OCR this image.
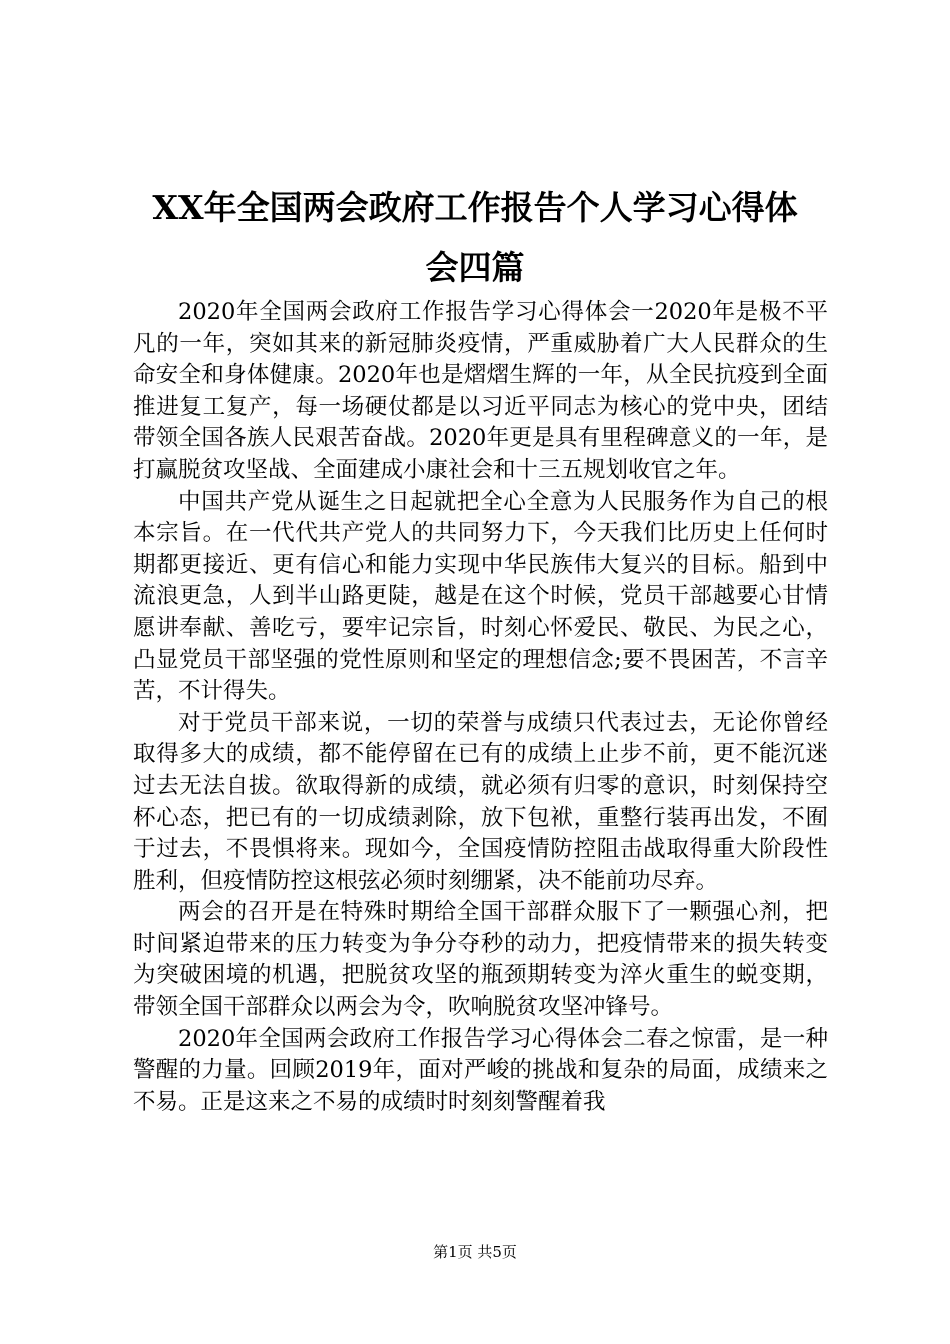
XX年全国两会政府工作报告个人学习心得体
会四篇

2020年全国两会政府工作报告学习心得体会一2020年是极不平凡的一年，突如其来的新冠肺炎疫情，严重威胁着广大人民群众的生命安全和身体健康。2020年也是熠熠生辉的一年，从全民抗疫到全面推进复工复产，每一场硬仗都是以习近平同志为核心的党中央，团结带领全国各族人民艰苦奋战。2020年更是具有里程碑意义的一年，是打赢脱贫攻坚战、全面建成小康社会和十三五规划收官之年。

中国共产党从诞生之日起就把全心全意为人民服务作为自己的根本宗旨。在一代代共产党人的共同努力下，今天我们比历史上任何时期都更接近、更有信心和能力实现中华民族伟大复兴的目标。船到中流浪更急，人到半山路更陡，越是在这个时候，党员干部越要心甘情愿讲奉献、善吃亏，要牢记宗旨，时刻心怀爱民、敬民、为民之心，凸显党员干部坚强的党性原则和坚定的理想信念;要不畏困苦，不言辛苦，不计得失。

对于党员干部来说，一切的荣誉与成绩只代表过去，无论你曾经取得多大的成绩，都不能停留在已有的成绩上止步不前，更不能沉迷过去无法自拔。欲取得新的成绩，就必须有归零的意识，时刻保持空杯心态，把已有的一切成绩剥除，放下包袱，重整行装再出发，不囿于过去，不畏惧将来。现如今，全国疫情防控阻击战取得重大阶段性胜利，但疫情防控这根弦必须时刻绷紧，决不能前功尽弃。

两会的召开是在特殊时期给全国干部群众服下了一颗强心剂，把时间紧迫带来的压力转变为争分夺秒的动力，把疫情带来的损失转变为突破困境的机遇，把脱贫攻坚的瓶颈期转变为淬火重生的蜕变期，带领全国干部群众以两会为令，吹响脱贫攻坚冲锋号。

2020年全国两会政府工作报告学习心得体会二春之惊雷，是一种警醒的力量。回顾2019年，面对严峻的挑战和复杂的局面，成绩来之不易。正是这来之不易的成绩时时刻刻警醒着我

第1页 共5页
